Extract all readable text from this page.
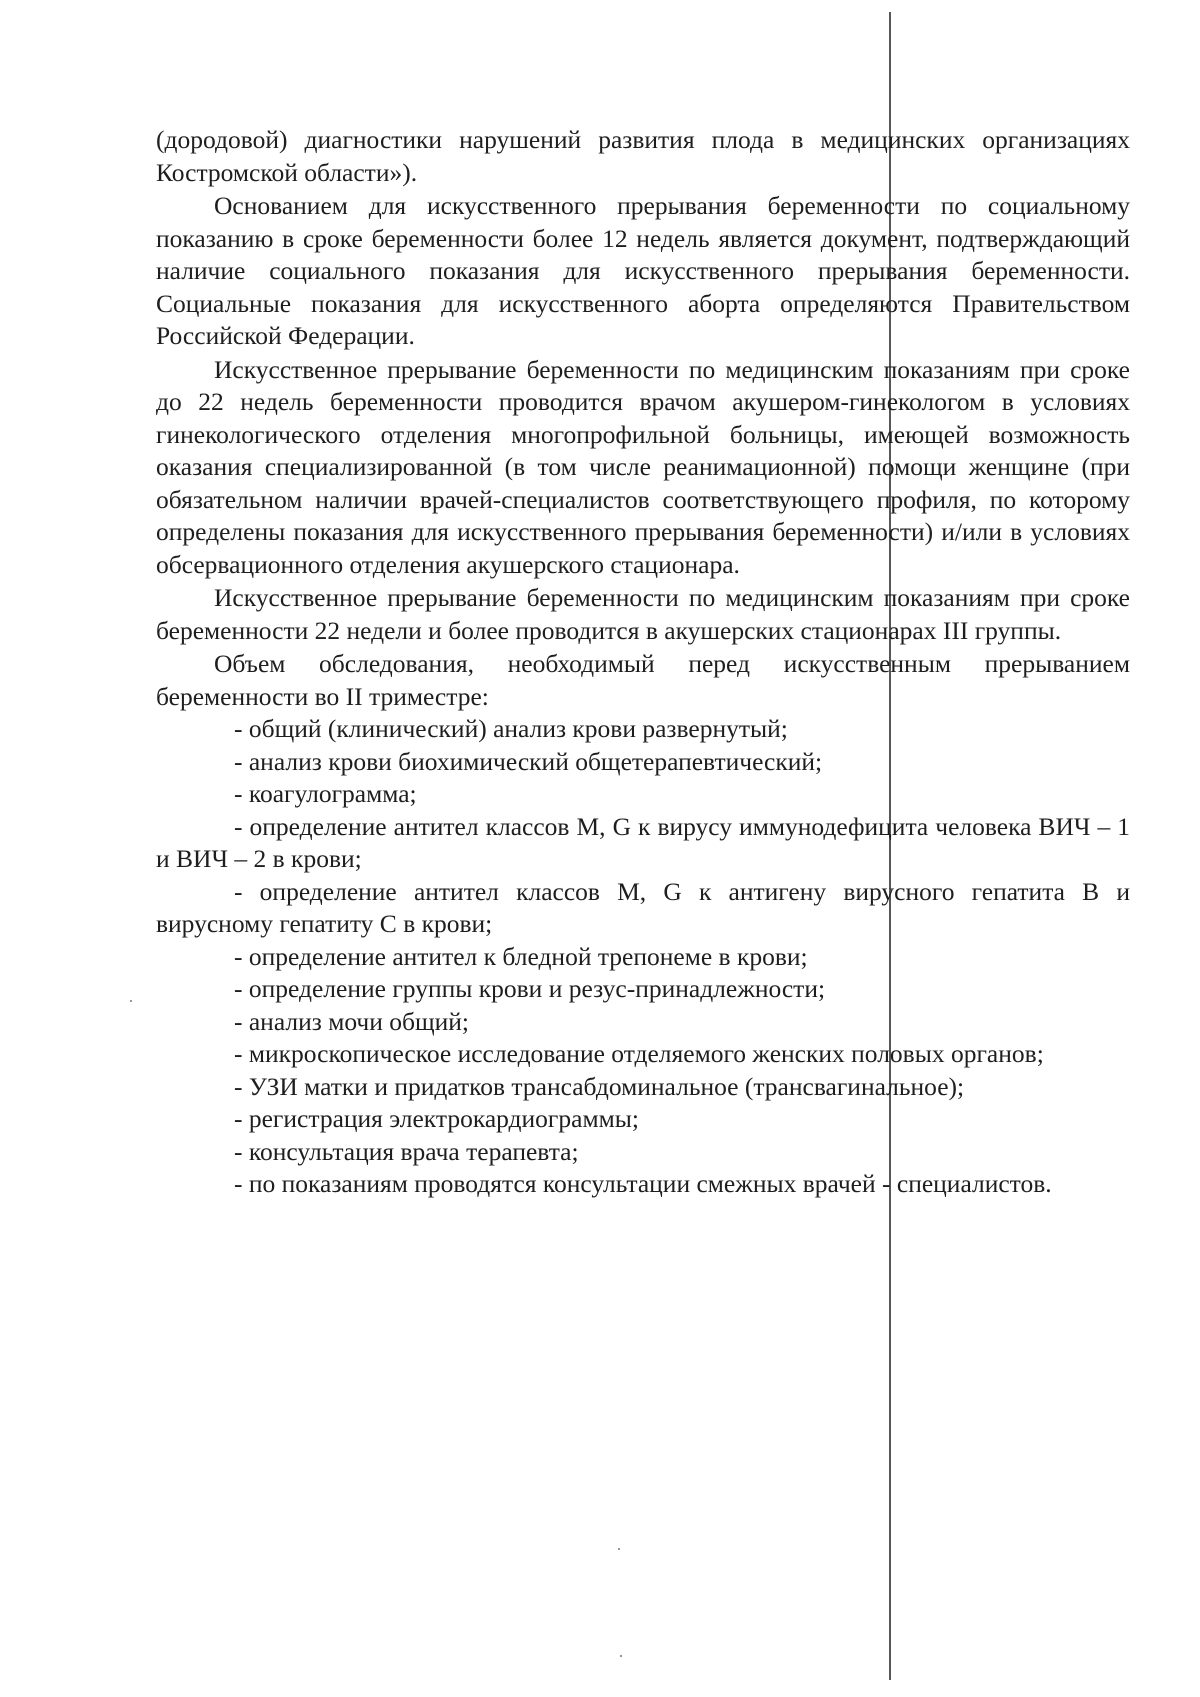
(дородовой) диагностики нарушений развития плода в медицинских организациях Костромской области»).

Основанием для искусственного прерывания беременности по социальному показанию в сроке беременности более 12 недель является документ, подтверждающий наличие социального показания для искусственного прерывания беременности. Социальные показания для искусственного аборта определяются Правительством Российской Федерации.

Искусственное прерывание беременности по медицинским показаниям при сроке до 22 недель беременности проводится врачом акушером-гинекологом в условиях гинекологического отделения многопрофильной больницы, имеющей возможность оказания специализированной (в том числе реанимационной) помощи женщине (при обязательном наличии врачей-специалистов соответствующего профиля, по которому определены показания для искусственного прерывания беременности) и/или в условиях обсервационного отделения акушерского стационара.

Искусственное прерывание беременности по медицинским показаниям при сроке беременности 22 недели и более проводится в акушерских стационарах III группы.

Объем обследования, необходимый перед искусственным прерыванием беременности во II триместре:

- общий (клинический) анализ крови развернутый;

- анализ крови биохимический общетерапевтический;

- коагулограмма;

- определение антител классов M, G к вирусу иммунодефицита человека ВИЧ – 1 и ВИЧ – 2 в крови;

- определение антител классов M, G к антигену вирусного гепатита B и вирусному гепатиту C в крови;

- определение антител к бледной трепонеме в крови;

- определение группы крови и резус-принадлежности;

- анализ мочи общий;

- микроскопическое исследование отделяемого женских половых органов;

- УЗИ матки и придатков трансабдоминальное (трансвагинальное);

- регистрация электрокардиограммы;

- консультация врача терапевта;

- по показаниям проводятся консультации смежных врачей - специалистов.
